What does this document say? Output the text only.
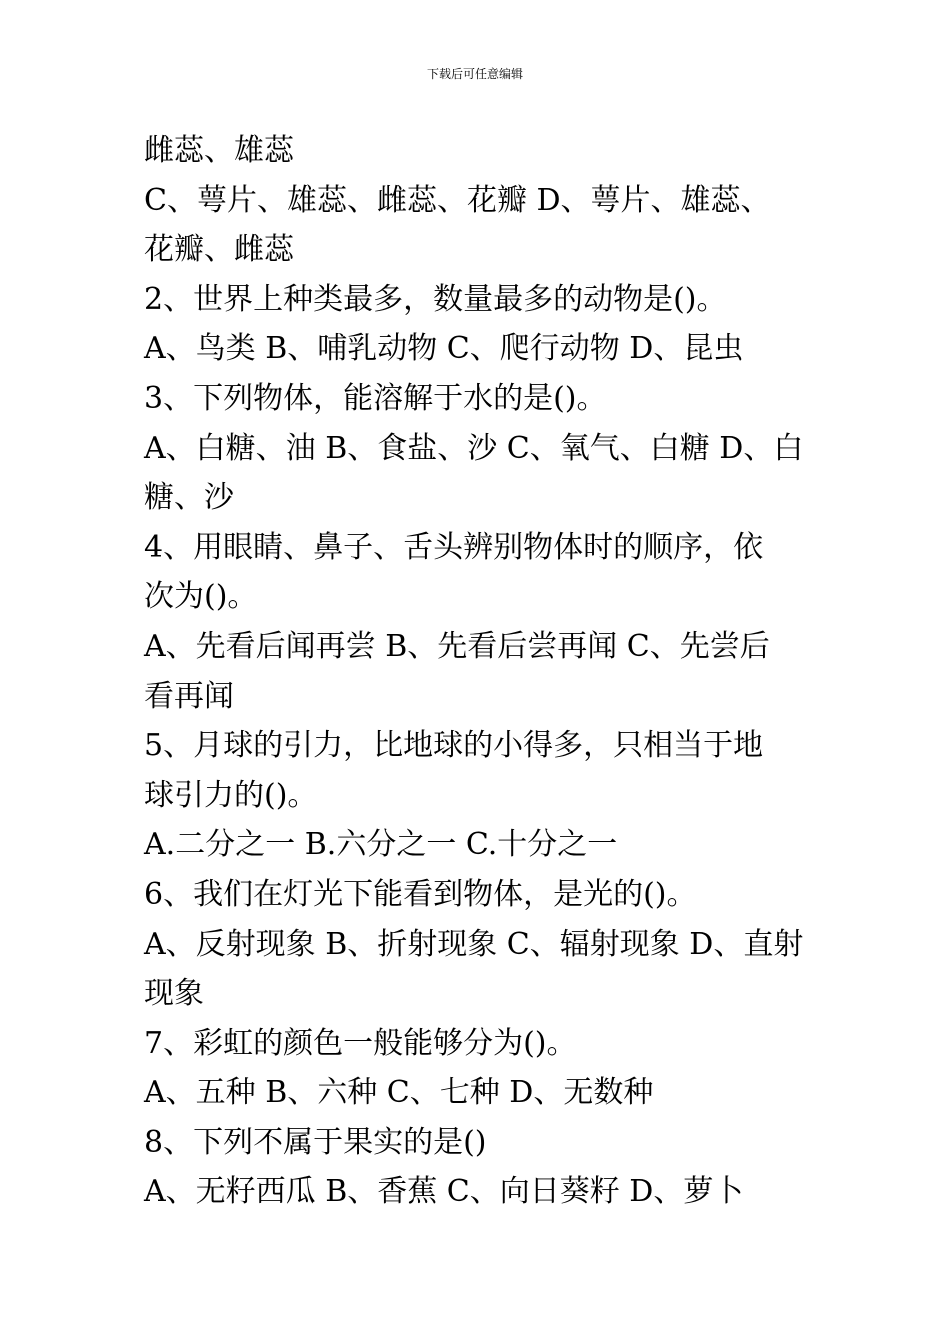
下载后可任意编辑
雌蕊、雄蕊
C、萼片、雄蕊、雌蕊、花瓣 D、萼片、雄蕊、
花瓣、雌蕊
2、世界上种类最多，数量最多的动物是()。
A、鸟类 B、哺乳动物 C、爬行动物 D、昆虫
3、下列物体，能溶解于水的是()。
A、白糖、油 B、食盐、沙 C、氧气、白糖 D、白
糖、沙
4、用眼睛、鼻子、舌头辨别物体时的顺序，依
次为()。
A、先看后闻再尝 B、先看后尝再闻 C、先尝后
看再闻
5、月球的引力，比地球的小得多，只相当于地
球引力的()。
A.二分之一 B.六分之一 C.十分之一
6、我们在灯光下能看到物体，是光的()。
A、反射现象 B、折射现象 C、辐射现象 D、直射
现象
7、彩虹的颜色一般能够分为()。
A、五种 B、六种 C、七种 D、无数种
8、下列不属于果实的是()
A、无籽西瓜 B、香蕉 C、向日葵籽 D、萝卜
